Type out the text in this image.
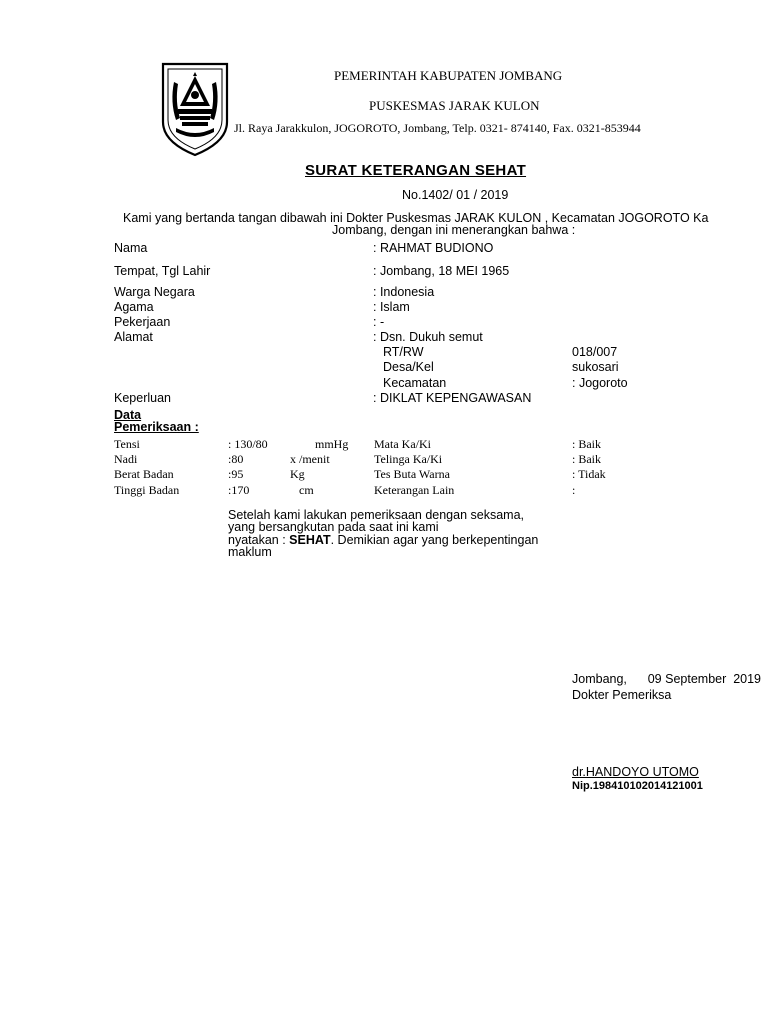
PEMERINTAH KABUPATEN JOMBANG
PUSKESMAS JARAK KULON
Jl. Raya Jarakkulon, JOGOROTO, Jombang, Telp. 0321- 874140, Fax. 0321-853944
SURAT KETERANGAN SEHAT
No.1402/ 01 / 2019
Kami yang bertanda tangan dibawah ini Dokter Puskesmas JARAK KULON , Kecamatan JOGOROTO Ka
Jombang, dengan ini menerangkan bahwa :
Nama	: RAHMAT BUDIONO
Tempat, Tgl Lahir	: Jombang, 18 MEI 1965
Warga Negara	: Indonesia
Agama	: Islam
Pekerjaan	: -
Alamat	: Dsn. Dukuh semut
RT/RW	018/007
Desa/Kel	sukosari
Kecamatan	: Jogoroto
Keperluan	: DIKLAT KEPENGAWASAN
Data
Pemeriksaan :
Tensi	: 130/80	mmHg Mata Ka/Ki	: Baik
Nadi	:80	x /menit	Telinga Ka/Ki	: Baik
Berat Badan	:95	Kg	Tes Buta Warna	: Tidak
Tinggi Badan	:170	cm	Keterangan Lain	:
Setelah kami lakukan pemeriksaan dengan seksama,
yang bersangkutan pada saat ini kami
nyatakan : SEHAT. Demikian agar yang berkepentingan
maklum
Jombang,      09 September  2019
Dokter Pemeriksa
dr.HANDOYO UTOMO
Nip.198410102014121001
